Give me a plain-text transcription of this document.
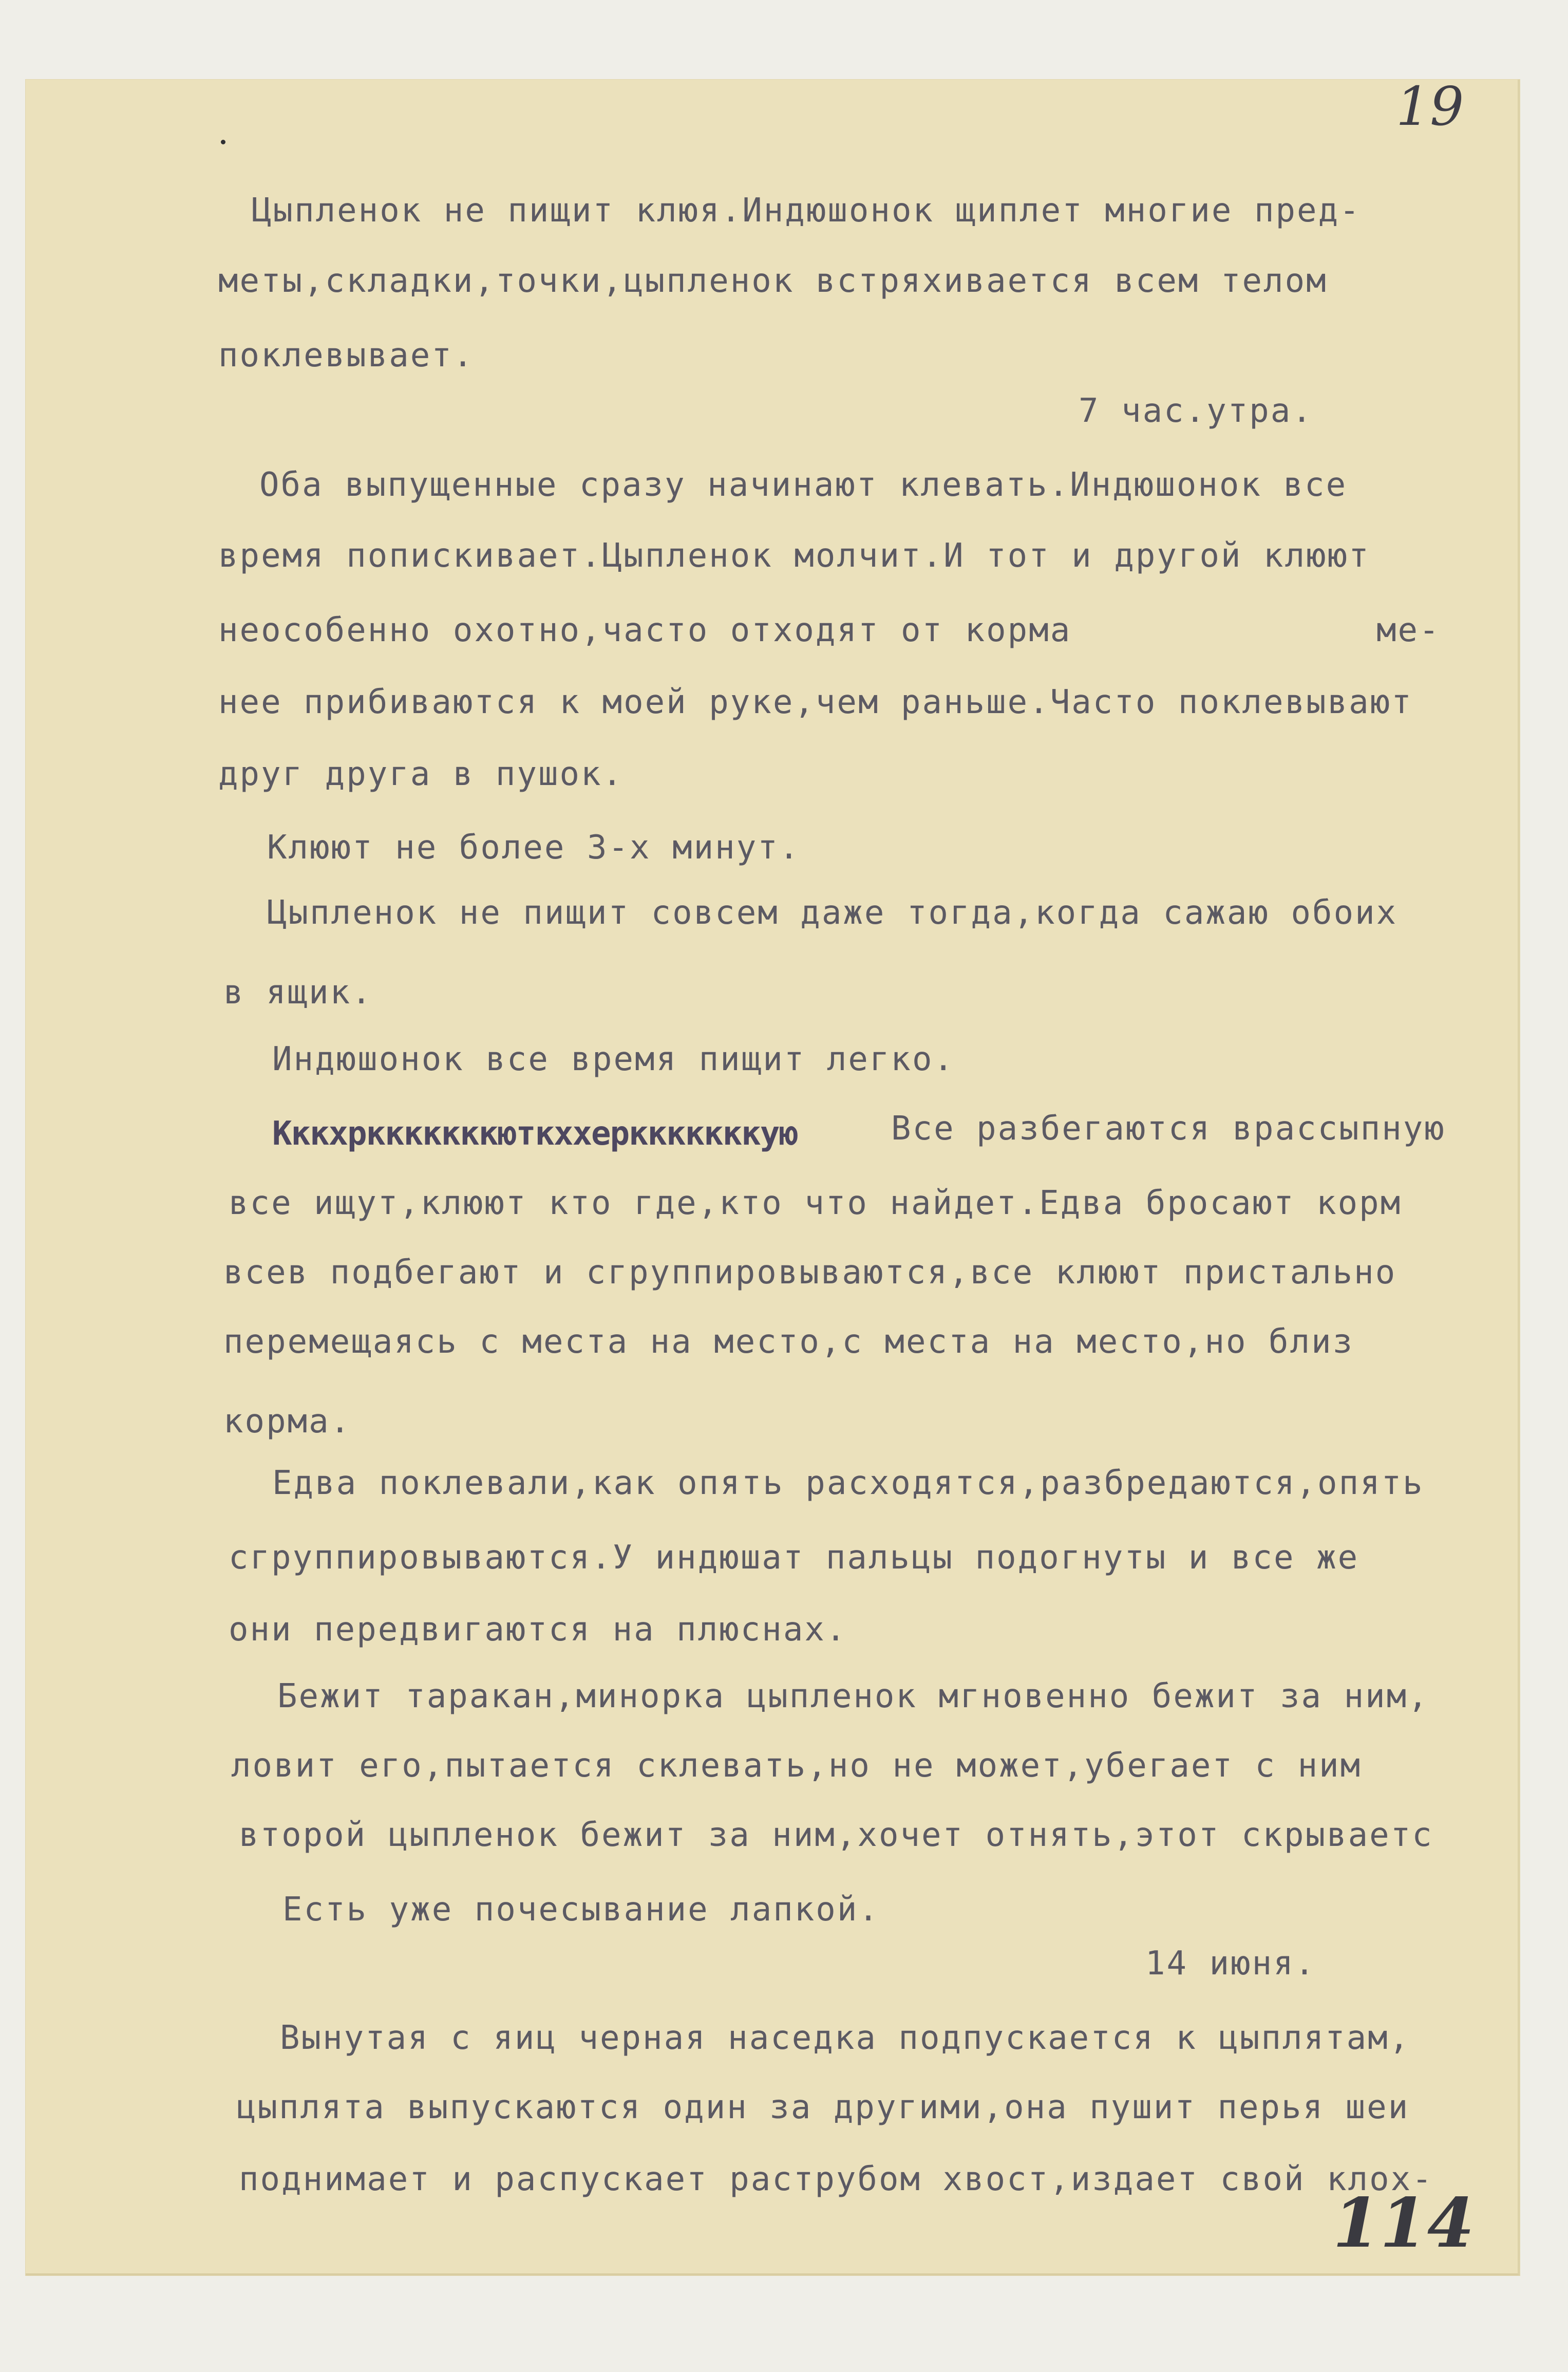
19
114

Цыпленок не пищит клюя.Индюшонок щиплет многие пред-

меты,складки,точки,цыпленок встряхивается всем телом

поклевывает.

7 час.утра.

Оба выпущенные сразу начинают клевать.Индюшонок все

время попискивает.Цыпленок молчит.И тот и другой клюют

неособенно охотно,часто отходят от корма	ме-

нее прибиваются к моей руке,чем раньше.Часто поклевывают

друг друга в пушок.

Клюют не более 3-х минут.

Цыпленок не пищит совсем даже тогда,когда сажаю обоих

в ящик.

Индюшонок все время пищит легко.

Кккхркккккккюткххеркккккккую	Все разбегаются врассыпную

все ищут,клюют кто где,кто что найдет.Едва бросают корм

всев подбегают и сгруппировываются,все клюют пристально

перемещаясь с места на место,с места на место,но близ

корма.

Едва поклевали,как опять расходятся,разбредаются,опять

сгруппировываются.У индюшат пальцы подогнуты и все же

они передвигаются на плюснах.

Бежит таракан,минорка цыпленок мгновенно бежит за ним,

ловит его,пытается склевать,но не может,убегает с ним

второй цыпленок бежит за ним,хочет отнять,этот скрываетс

Есть уже почесывание лапкой.

14 июня.

Вынутая с яиц черная наседка подпускается к цыплятам,

цыплята выпускаются один за другими,она пушит перья шеи

поднимает и распускает раструбом хвост,издает свой клох-
